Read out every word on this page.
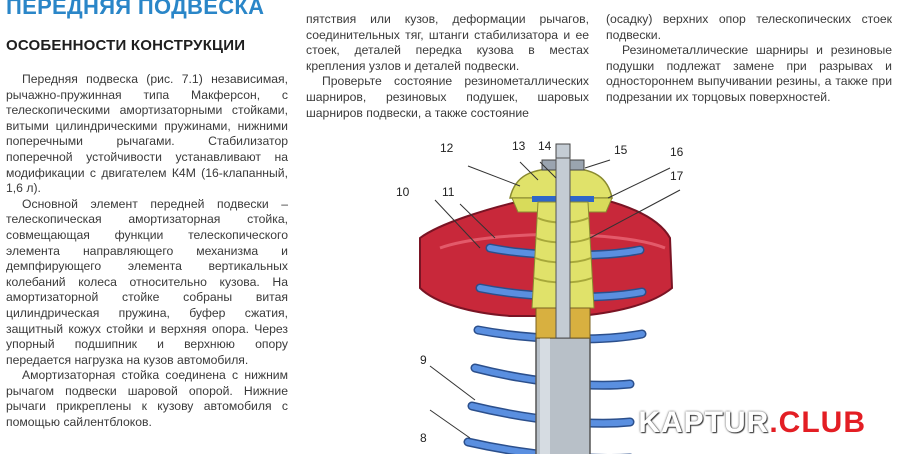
ПЕРЕДНЯЯ ПОДВЕСКА
ОСОБЕННОСТИ КОНСТРУКЦИИ

Передняя подвеска (рис. 7.1) независимая, рычажно-пружинная типа Макферсон, с телескопическими амортизаторными стойками, витыми цилиндрическими пружинами, нижними поперечными рычагами. Стабилизатор поперечной устойчивости устанавливают на модификации с двигателем К4М (16-клапанный, 1,6 л).

Основной элемент передней подвески – телескопическая амортизаторная стойка, совмещающая функции телескопического элемента направляющего механизма и демпфирующего элемента вертикальных колебаний колеса относительно кузова. На амортизаторной стойке собраны витая цилиндрическая пружина, буфер сжатия, защитный кожух стойки и верхняя опора. Через упорный подшипник и верхнюю опору передается нагрузка на кузов автомобиля.

Амортизаторная стойка соединена с нижним рычагом подвески шаровой опорой. Нижние рычаги прикреплены к кузову автомобиля с помощью сайлентблоков.

пятствия или кузов, деформации рычагов, соединительных тяг, штанги стабилизатора и ее стоек, деталей передка кузова в местах крепления узлов и деталей подвески.

Проверьте состояние резинометаллических шарниров, резиновых подушек, шаровых шарниров подвески, а также состояние

(осадку) верхних опор телескопических стоек подвески.

Резинометаллические шарниры и резиновые подушки подлежат замене при разрывах и одностороннем выпучивании резины, а также при подрезании их торцовых поверхностей.

8
9
10	11
12	13 14	15	16
17
KAPTUR.CLUB
